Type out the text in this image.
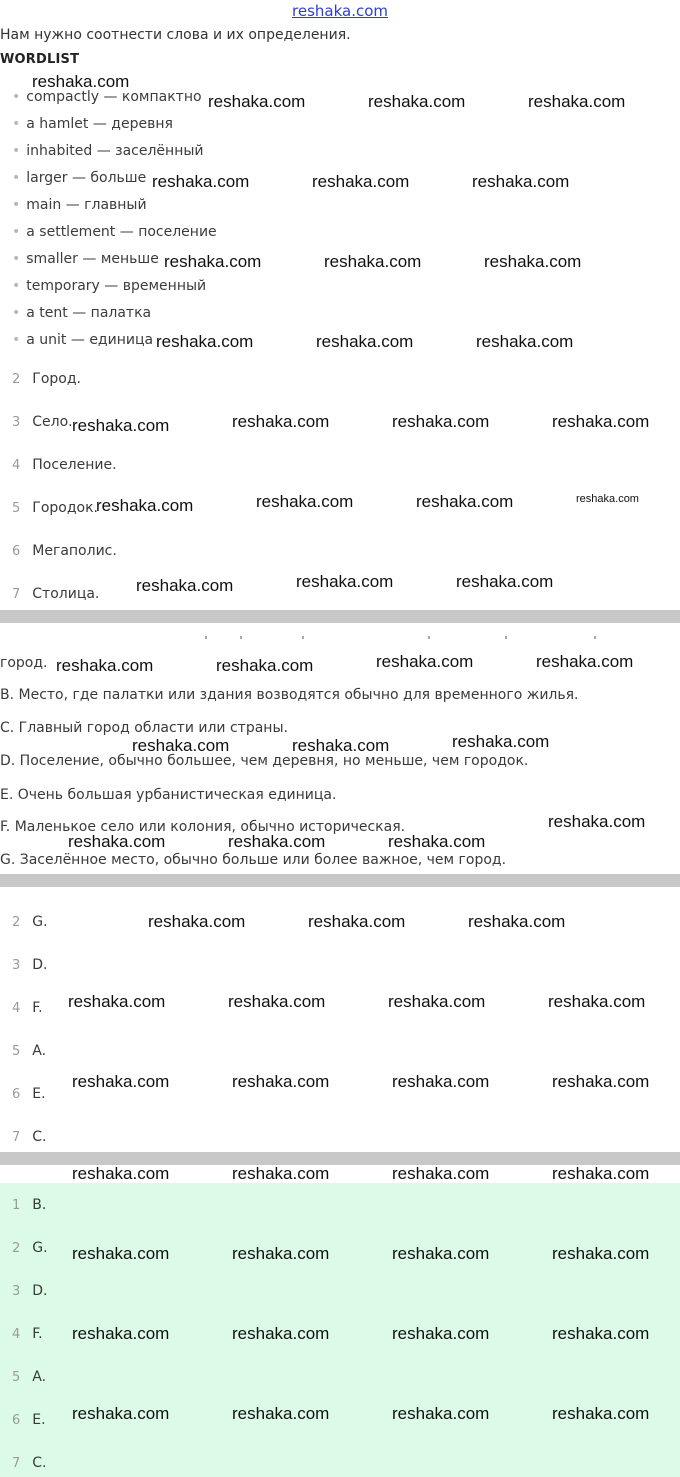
reshaka.com
Нам нужно соотнести слова и их определения.
WORDLIST
• compactly — компактно
• a hamlet — деревня
• inhabited — заселённый
• larger — больше
• main — главный
• a settlement — поселение
• smaller — меньше
• temporary — временный
• a tent — палатка
• a unit — единица
2 Город.
3 Село.
4 Поселение.
5 Городок.
6 Мегаполис.
7 Столица.
город.
B. Место, где палатки или здания возводятся обычно для временного жилья.
C. Главный город области или страны.
D. Поселение, обычно большее, чем деревня, но меньше, чем городок.
E. Очень большая урбанистическая единица.
F. Маленькое село или колония, обычно историческая.
G. Заселённое место, обычно больше или более важное, чем город.
2 G.
3 D.
4 F.
5 A.
6 E.
7 C.
1 B.
2 G.
3 D.
4 F.
5 A.
6 E.
7 C.
reshaka.com
reshaka.com	reshaka.com	reshaka.com
reshaka.com	reshaka.com	reshaka.com
reshaka.com	reshaka.com	reshaka.com
reshaka.com	reshaka.com	reshaka.com
reshaka.com	reshaka.com	reshaka.com	reshaka.com
reshaka.com	reshaka.com	reshaka.com	reshaka.com
reshaka.com	reshaka.com	reshaka.com
reshaka.com	reshaka.com	reshaka.com	reshaka.com
reshaka.com	reshaka.com	reshaka.com
reshaka.com
reshaka.com	reshaka.com	reshaka.com
reshaka.com	reshaka.com	reshaka.com
reshaka.com	reshaka.com	reshaka.com	reshaka.com
reshaka.com	reshaka.com	reshaka.com	reshaka.com
reshaka.com	reshaka.com	reshaka.com	reshaka.com
reshaka.com	reshaka.com	reshaka.com	reshaka.com
reshaka.com	reshaka.com	reshaka.com	reshaka.com
reshaka.com	reshaka.com	reshaka.com	reshaka.com
